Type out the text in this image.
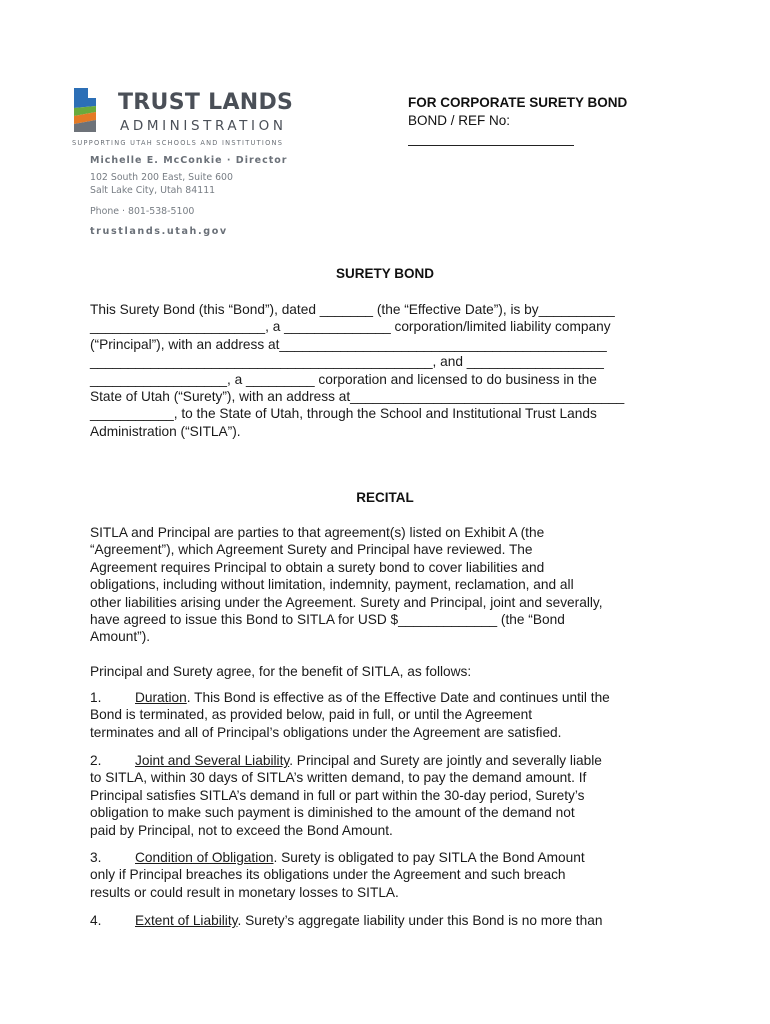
TRUST LANDS
ADMINISTRATION
SUPPORTING UTAH SCHOOLS AND INSTITUTIONS
Michelle E. McConkie · Director
102 South 200 East, Suite 600
Salt Lake City, Utah 84111
Phone · 801-538-5100
trustlands.utah.gov
FOR CORPORATE SURETY BOND
BOND / REF No:
SURETY BOND

This Surety Bond (this “Bond”), dated _______ (the “Effective Date”), is by__________
_______________________, a ______________ corporation/limited liability company
(“Principal”), with an address at___________________________________________
_____________________________________________, and __________________
__________________, a _________ corporation and licensed to do business in the
State of Utah (“Surety”), with an address at____________________________________
___________, to the State of Utah, through the School and Institutional Trust Lands
Administration (“SITLA”).

RECITAL

SITLA and Principal are parties to that agreement(s) listed on Exhibit A (the
“Agreement”), which Agreement Surety and Principal have reviewed. The
Agreement requires Principal to obtain a surety bond to cover liabilities and
obligations, including without limitation, indemnity, payment, reclamation, and all
other liabilities arising under the Agreement. Surety and Principal, joint and severally,
have agreed to issue this Bond to SITLA for USD $_____________ (the “Bond
Amount”).

Principal and Surety agree, for the benefit of SITLA, as follows:

1. Duration. This Bond is effective as of the Effective Date and continues until the
Bond is terminated, as provided below, paid in full, or until the Agreement
terminates and all of Principal’s obligations under the Agreement are satisfied.

2. Joint and Several Liability. Principal and Surety are jointly and severally liable
to SITLA, within 30 days of SITLA’s written demand, to pay the demand amount. If
Principal satisfies SITLA’s demand in full or part within the 30-day period, Surety’s
obligation to make such payment is diminished to the amount of the demand not
paid by Principal, not to exceed the Bond Amount.

3. Condition of Obligation. Surety is obligated to pay SITLA the Bond Amount
only if Principal breaches its obligations under the Agreement and such breach
results or could result in monetary losses to SITLA.

4. Extent of Liability. Surety’s aggregate liability under this Bond is no more than
